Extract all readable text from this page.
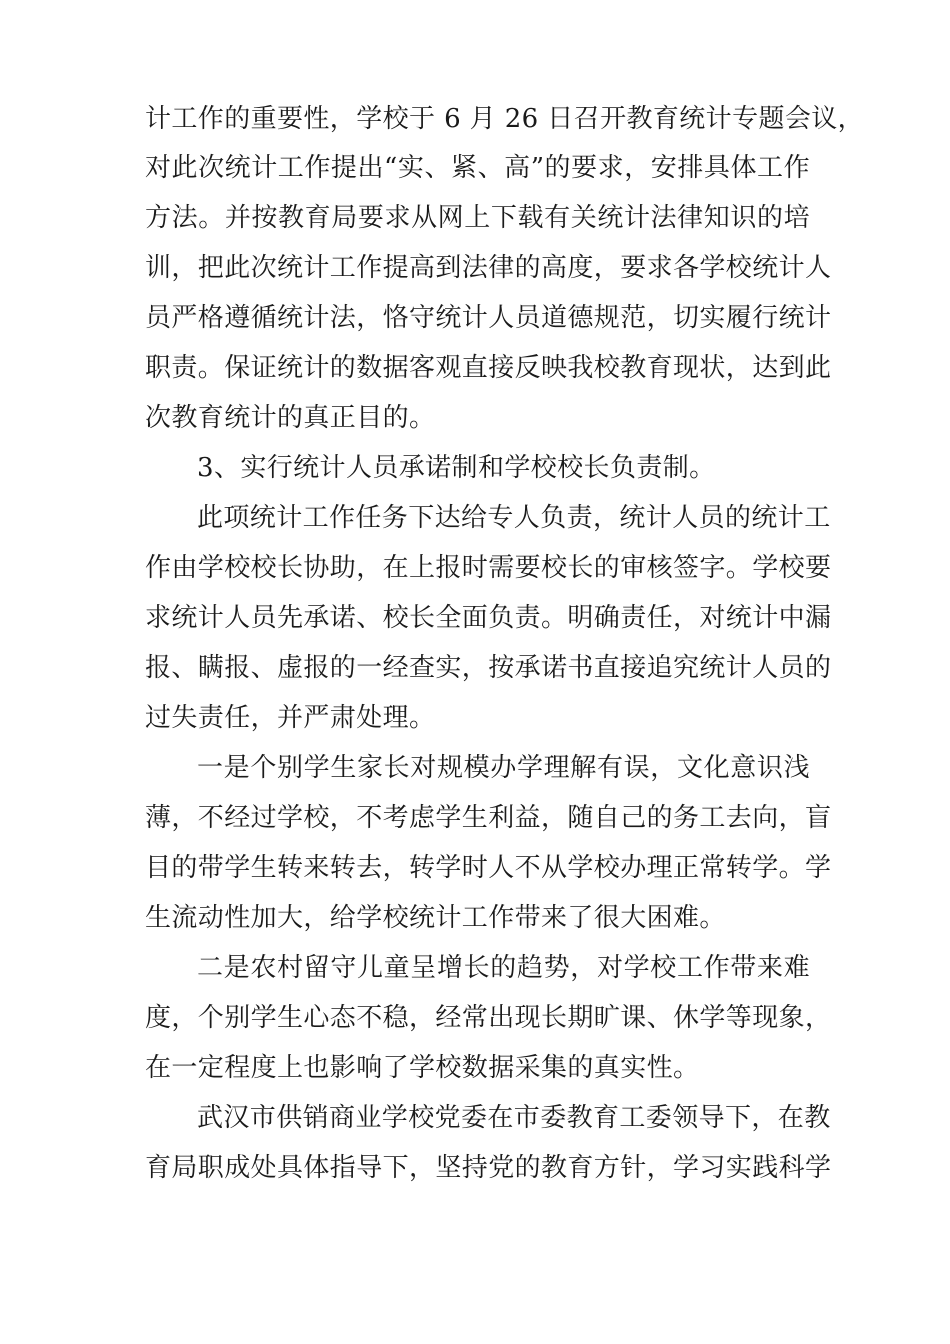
计工作的重要性，学校于 6 月 26 日召开教育统计专题会议，
对此次统计工作提出“实、紧、高”的要求，安排具体工作
方法。并按教育局要求从网上下载有关统计法律知识的培
训，把此次统计工作提高到法律的高度，要求各学校统计人
员严格遵循统计法，恪守统计人员道德规范，切实履行统计
职责。保证统计的数据客观直接反映我校教育现状，达到此
次教育统计的真正目的。
3、实行统计人员承诺制和学校校长负责制。
此项统计工作任务下达给专人负责，统计人员的统计工
作由学校校长协助，在上报时需要校长的审核签字。学校要
求统计人员先承诺、校长全面负责。明确责任，对统计中漏
报、瞒报、虚报的一经查实，按承诺书直接追究统计人员的
过失责任，并严肃处理。
一是个别学生家长对规模办学理解有误，文化意识浅
薄，不经过学校，不考虑学生利益，随自己的务工去向，盲
目的带学生转来转去，转学时人不从学校办理正常转学。学
生流动性加大，给学校统计工作带来了很大困难。
二是农村留守儿童呈增长的趋势，对学校工作带来难
度，个别学生心态不稳，经常出现长期旷课、休学等现象，
在一定程度上也影响了学校数据采集的真实性。
武汉市供销商业学校党委在市委教育工委领导下，在教
育局职成处具体指导下，坚持党的教育方针，学习实践科学
